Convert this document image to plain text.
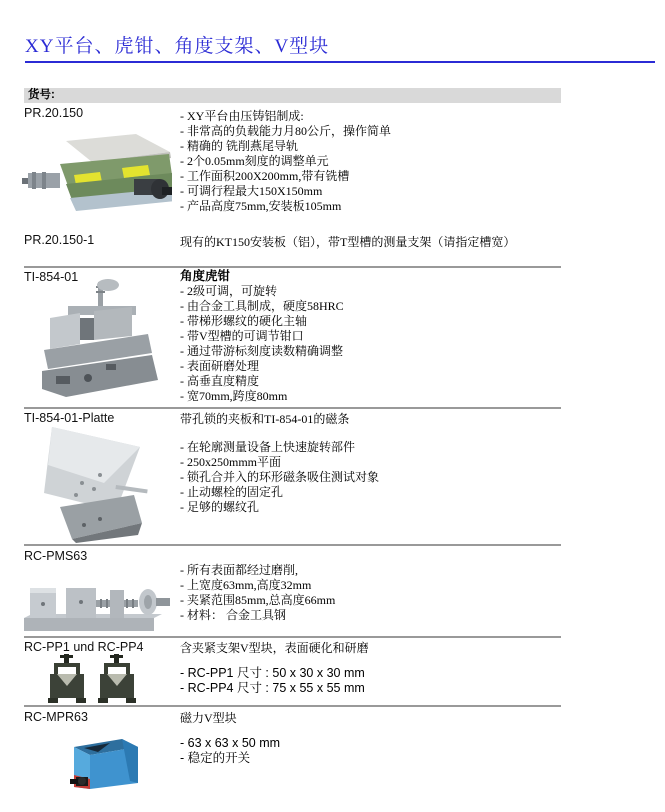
XY平台、虎钳、角度支架、V型块
货号:
PR.20.150	- XY平台由压铸铝制成:
- 非常高的负载能力月80公斤，操作简单
- 精确的 铣削燕尾导轨
- 2个0.05mm刻度的调整单元
- 工作面积200X200mm,带有铣槽
- 可调行程最大150X150mm
- 产品高度75mm,安装板105mm
PR.20.150-1	现有的KT150安装板（铝），带T型槽的测量支架（请指定槽宽）
TI-854-01	角度虎钳
- 2级可调，可旋转
- 由合金工具制成，硬度58HRC
- 带梯形螺纹的硬化主轴
- 带V型槽的可调节钳口
- 通过带游标刻度读数精确调整
- 表面研磨处理
- 高垂直度精度
- 宽70mm,跨度80mm
TI-854-01-Platte	带孔锁的夹板和TI-854-01的磁条
- 在轮廓测量设备上快速旋转部件
- 250x250mmm平面
- 锁孔合并入的环形磁条吸住测试对象
- 止动螺栓的固定孔
- 足够的螺纹孔
RC-PMS63
- 所有表面都经过磨削,
- 上宽度63mm,高度32mm
- 夹紧范围85mm,总高度66mm
- 材料： 合金工具钢
RC-PP1 und RC-PP4	含夹紧支架V型块，表面硬化和研磨
- RC-PP1 尺寸 : 50 x 30 x 30 mm
- RC-PP4 尺寸 : 75 x 55 x 55 mm
RC-MPR63	磁力V型块
- 63 x 63 x 50 mm
- 稳定的开关
